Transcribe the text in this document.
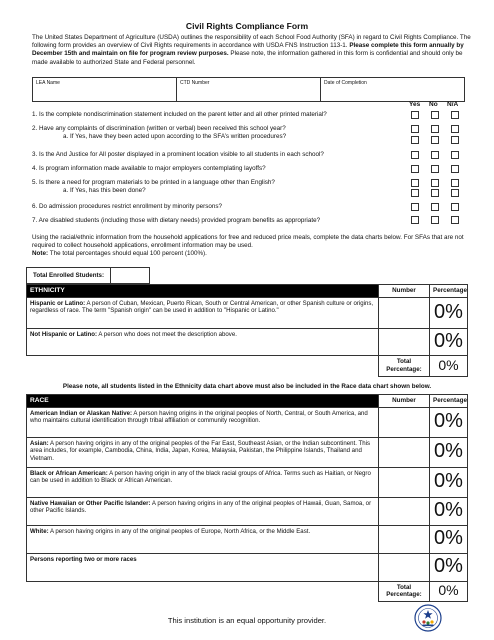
Civil Rights Compliance Form
The United States Department of Agriculture (USDA) outlines the responsibility of each School Food Authority (SFA) in regard to Civil Rights Compliance. The following form provides an overview of Civil Rights requirements in accordance with USDA FNS Instruction 113-1. Please complete this form annually by December 15th and maintain on file for program review purposes. Please note, the information gathered in this form is confidential and should only be made available to authorized State and Federal personnel.
LEA Name	CTD Number	Date of Completion
Yes No N/A
1. Is the complete nondiscrimination statement included on the parent letter and all other printed material?
2. Have any complaints of discrimination (written or verbal) been received this school year?
a. If Yes, have they been acted upon according to the SFA’s written procedures?
3. Is the And Justice for All poster displayed in a prominent location visible to all students in each school?
4. Is program information made available to major employers contemplating layoffs?
5. Is there a need for program materials to be printed in a language other than English?
a. If Yes, has this been done?
6. Do admission procedures restrict enrollment by minority persons?
7. Are disabled students (including those with dietary needs) provided program benefits as appropriate?
Using the racial/ethnic information from the household applications for free and reduced price meals, complete the data charts below. For SFAs that are not required to collect household applications, enrollment information may be used.
Note: The total percentages should equal 100 percent (100%).
Total Enrolled Students:
ETHNICITY	Number	Percentage
Hispanic or Latino: A person of Cuban, Mexican, Puerto Rican, South or Central American, or other Spanish culture or origins, regardless of race. The term "Spanish origin" can be used in addition to "Hispanic or Latino."		0%
Not Hispanic or Latino: A person who does not meet the description above.		0%
	Total Percentage:	0%
Please note, all students listed in the Ethnicity data chart above must also be included in the Race data chart shown below.
RACE	Number	Percentage
American Indian or Alaskan Native: A person having origins in the original peoples of North, Central, or South America, and who maintains cultural identification through tribal affiliation or community recognition.		0%
Asian: A person having origins in any of the original peoples of the Far East, Southeast Asian, or the Indian subcontinent. This area includes, for example, Cambodia, China, India, Japan, Korea, Malaysia, Pakistan, the Philippine Islands, Thailand and Vietnam.		0%
Black or African American: A person having origin in any of the black racial groups of Africa. Terms such as Haitian, or Negro can be used in addition to Black or African American.		0%
Native Hawaiian or Other Pacific Islander: A person having origins in any of the original peoples of Hawaii, Guan, Samoa, or other Pacific Islands.		0%
White: A person having origins in any of the original peoples of Europe, North Africa, or the Middle East.		0%
Persons reporting two or more races		0%
	Total Percentage:	0%
This institution is an equal opportunity provider.
